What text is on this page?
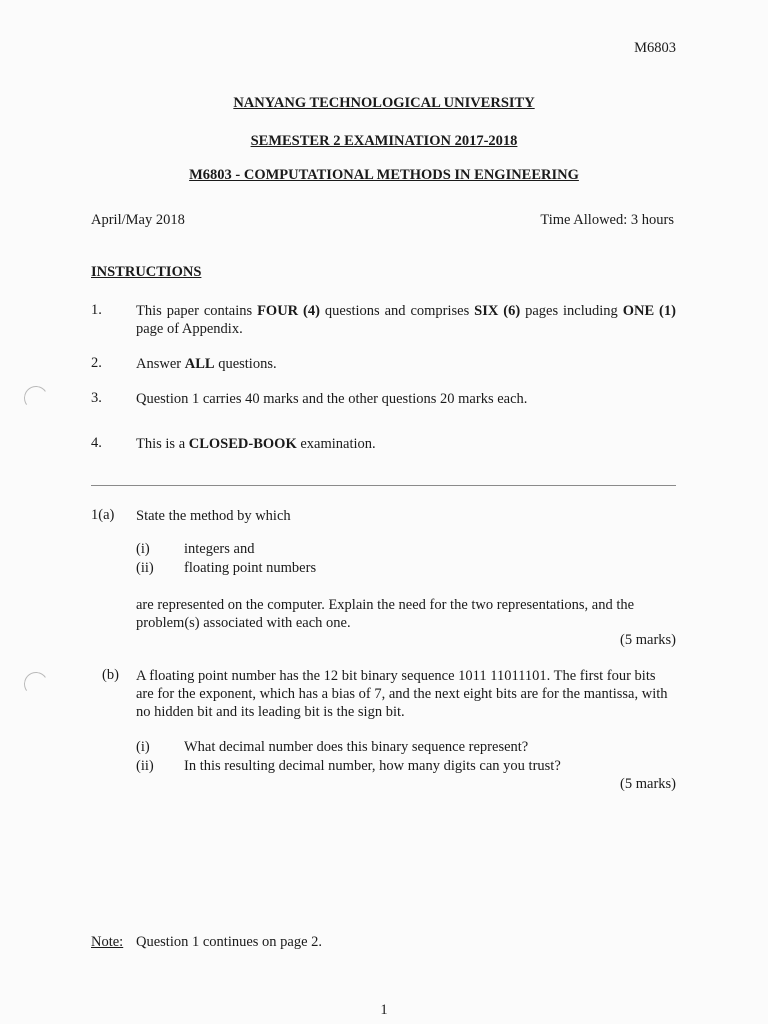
M6803

NANYANG TECHNOLOGICAL UNIVERSITY

SEMESTER 2 EXAMINATION 2017-2018

M6803 - COMPUTATIONAL METHODS IN ENGINEERING

April/May 2018	Time Allowed: 3 hours

INSTRUCTIONS

1. This paper contains FOUR (4) questions and comprises SIX (6) pages including ONE (1) page of Appendix.

2. Answer ALL questions.

3. Question 1 carries 40 marks and the other questions 20 marks each.

4. This is a CLOSED-BOOK examination.

1(a) State the method by which

(i) integers and

(ii) floating point numbers

are represented on the computer. Explain the need for the two representations, and the problem(s) associated with each one.

(5 marks)

(b) A floating point number has the 12 bit binary sequence 1011 11011101. The first four bits are for the exponent, which has a bias of 7, and the next eight bits are for the mantissa, with no hidden bit and its leading bit is the sign bit.

(i) What decimal number does this binary sequence represent?

(ii) In this resulting decimal number, how many digits can you trust?

(5 marks)

Note: Question 1 continues on page 2.

1
